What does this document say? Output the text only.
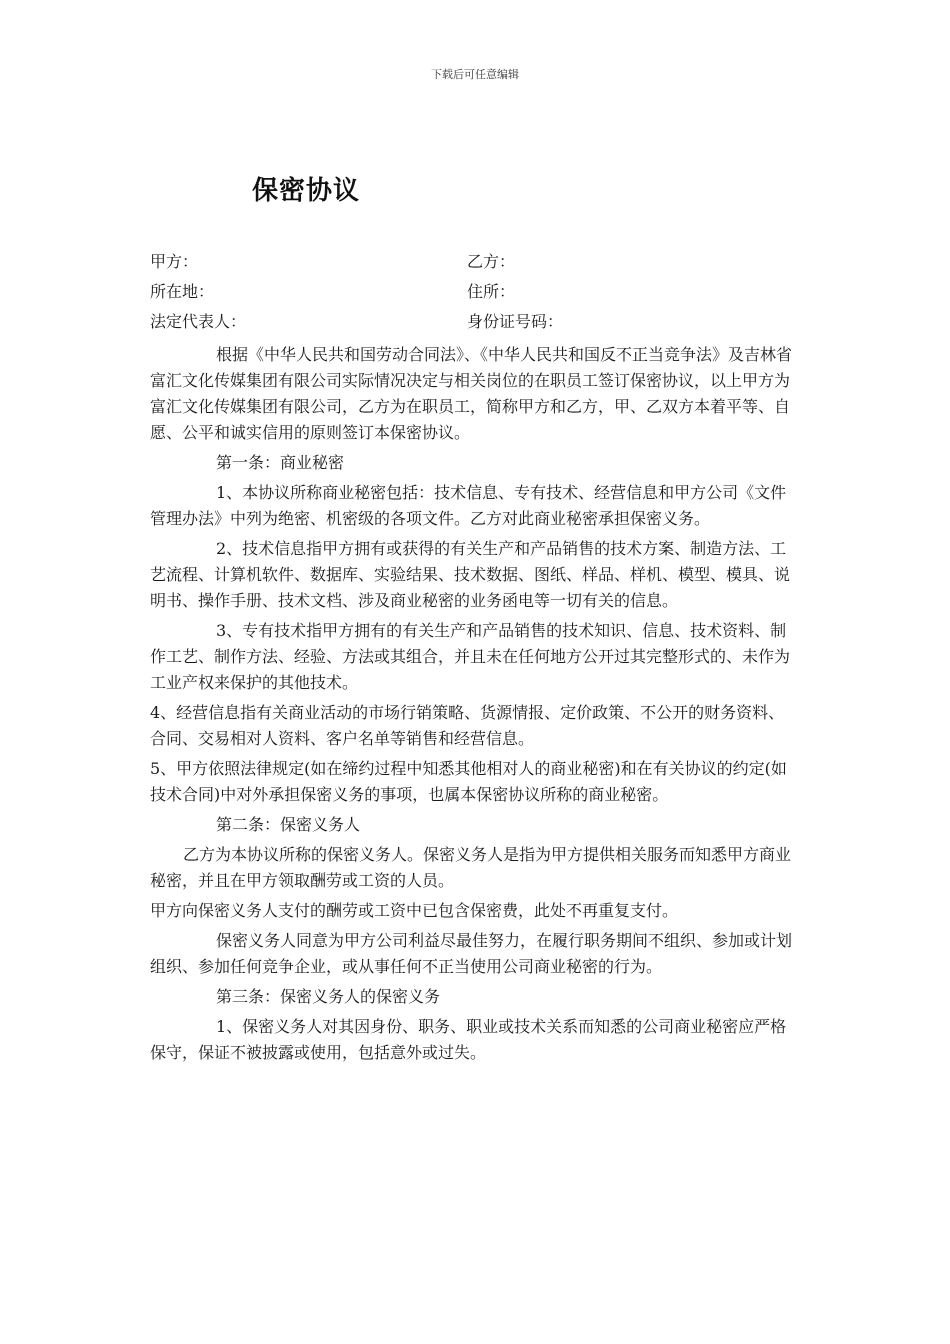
下载后可任意编辑
保密协议
甲方：	乙方：
所在地：	住所：
法定代表人：	身份证号码：

根据《中华人民共和国劳动合同法》、《中华人民共和国反不正当竞争法》及吉林省富汇文化传媒集团有限公司实际情况决定与相关岗位的在职员工签订保密协议，以上甲方为富汇文化传媒集团有限公司，乙方为在职员工，简称甲方和乙方，甲、乙双方本着平等、自愿、公平和诚实信用的原则签订本保密协议。

第一条：商业秘密

1、本协议所称商业秘密包括：技术信息、专有技术、经营信息和甲方公司《文件管理办法》中列为绝密、机密级的各项文件。乙方对此商业秘密承担保密义务。

2、技术信息指甲方拥有或获得的有关生产和产品销售的技术方案、制造方法、工艺流程、计算机软件、数据库、实验结果、技术数据、图纸、样品、样机、模型、模具、说明书、操作手册、技术文档、涉及商业秘密的业务函电等一切有关的信息。

3、专有技术指甲方拥有的有关生产和产品销售的技术知识、信息、技术资料、制作工艺、制作方法、经验、方法或其组合，并且未在任何地方公开过其完整形式的、未作为工业产权来保护的其他技术。

4、经营信息指有关商业活动的市场行销策略、货源情报、定价政策、不公开的财务资料、合同、交易相对人资料、客户名单等销售和经营信息。

5、甲方依照法律规定(如在缔约过程中知悉其他相对人的商业秘密)和在有关协议的约定(如技术合同)中对外承担保密义务的事项，也属本保密协议所称的商业秘密。

第二条：保密义务人

乙方为本协议所称的保密义务人。保密义务人是指为甲方提供相关服务而知悉甲方商业秘密，并且在甲方领取酬劳或工资的人员。

甲方向保密义务人支付的酬劳或工资中已包含保密费，此处不再重复支付。

保密义务人同意为甲方公司利益尽最佳努力，在履行职务期间不组织、参加或计划组织、参加任何竞争企业，或从事任何不正当使用公司商业秘密的行为。

第三条：保密义务人的保密义务

1、保密义务人对其因身份、职务、职业或技术关系而知悉的公司商业秘密应严格保守，保证不被披露或使用，包括意外或过失。
